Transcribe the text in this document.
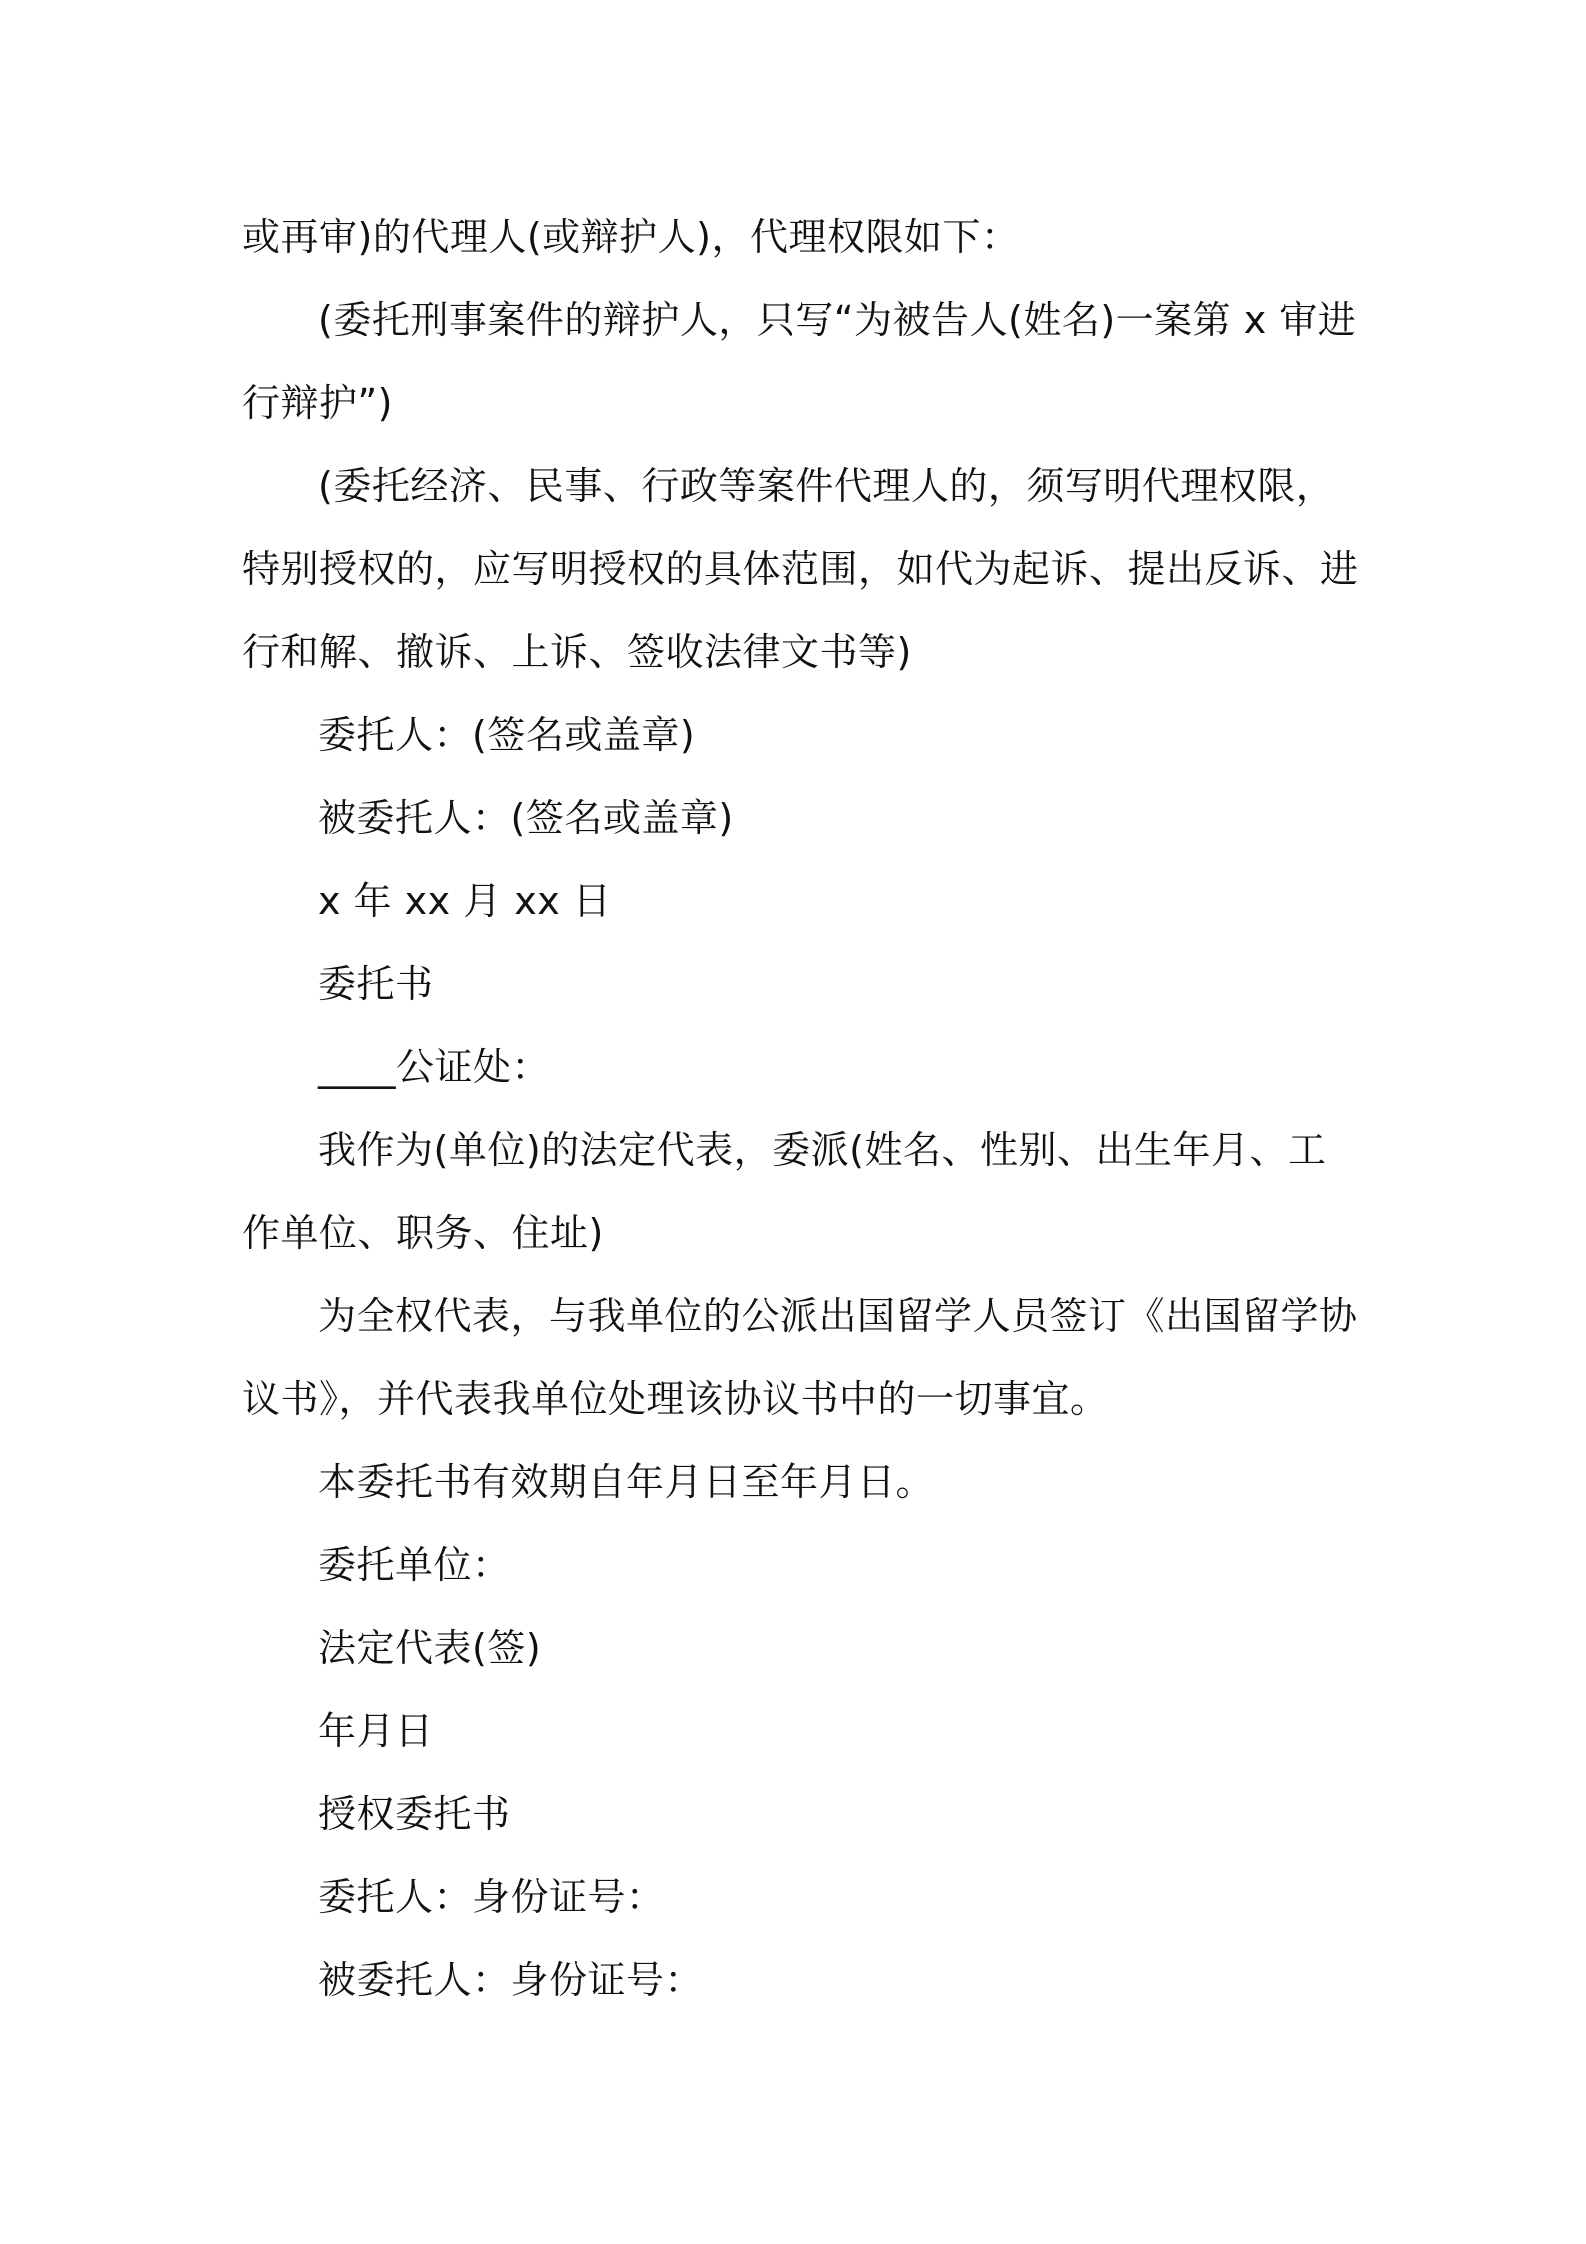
或再审)的代理人(或辩护人)，代理权限如下：

(委托刑事案件的辩护人，只写“为被告人(姓名)一案第 x 审进行辩护”)

(委托经济、民事、行政等案件代理人的，须写明代理权限，特别授权的，应写明授权的具体范围，如代为起诉、提出反诉、进行和解、撤诉、上诉、签收法律文书等)

委托人：(签名或盖章)

被委托人：(签名或盖章)

x 年 xx 月 xx 日

委托书

____公证处：

我作为(单位)的法定代表，委派(姓名、性别、出生年月、工作单位、职务、住址)

为全权代表，与我单位的公派出国留学人员签订《出国留学协议书》，并代表我单位处理该协议书中的一切事宜。

本委托书有效期自年月日至年月日。

委托单位：

法定代表(签)

年月日

授权委托书

委托人：身份证号：

被委托人：身份证号：
